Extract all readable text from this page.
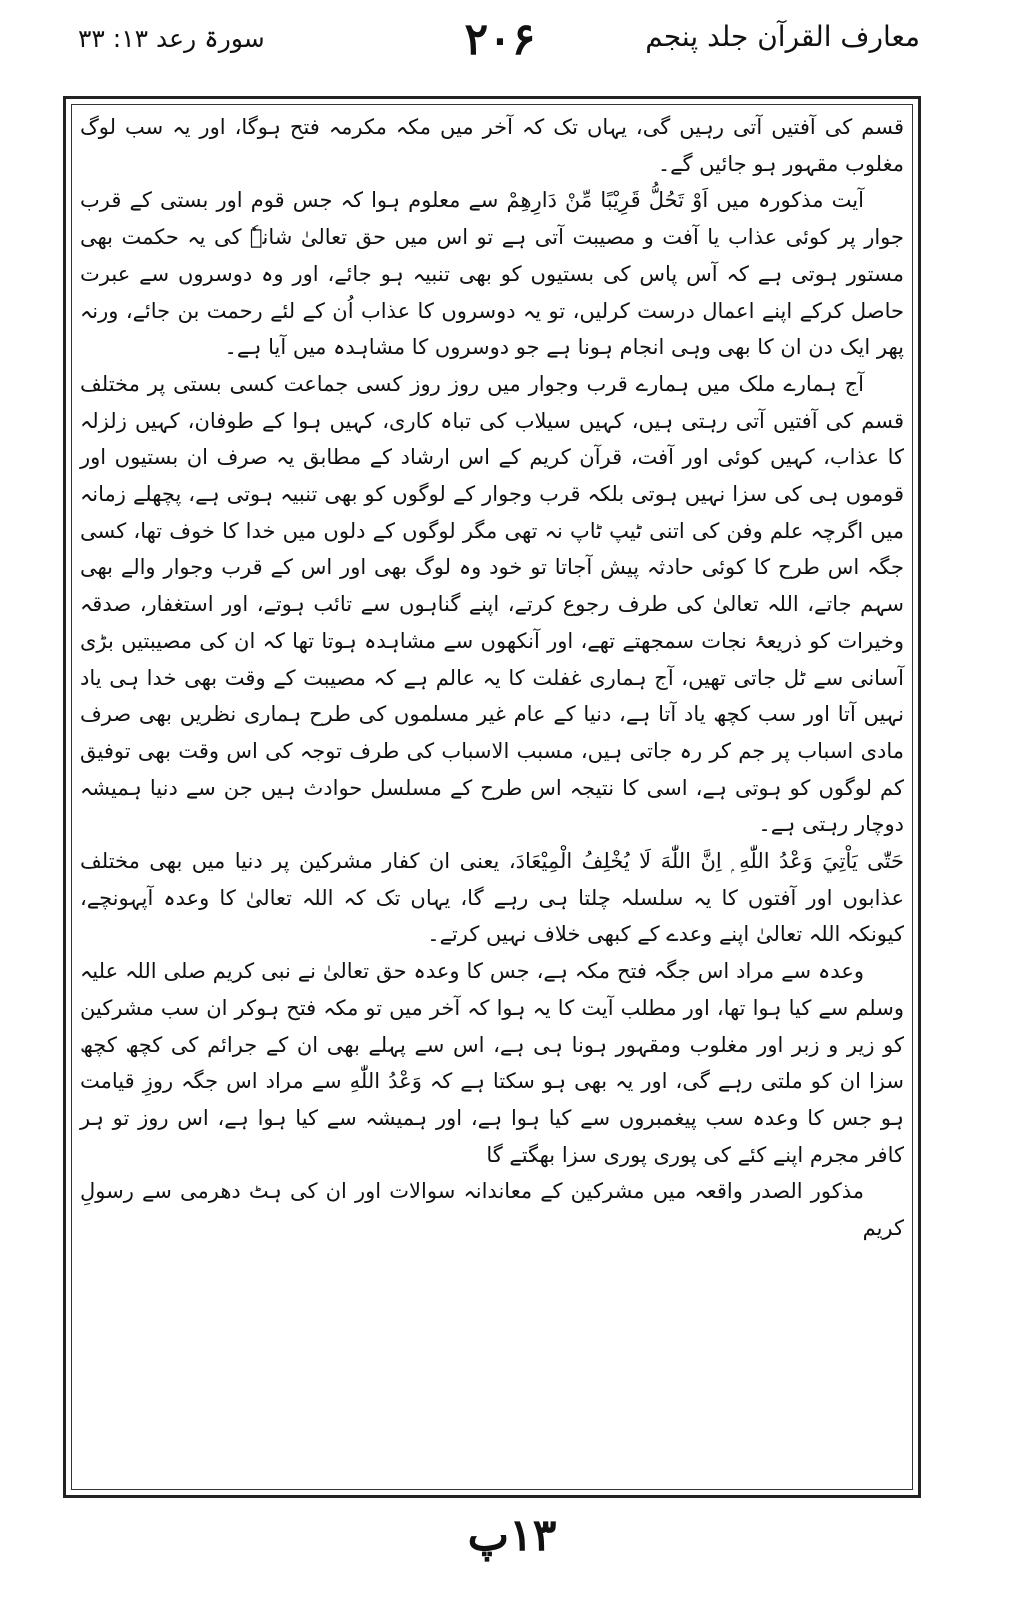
معارف القرآن جلد پنجم
۲۰۶
سورۃ رعد ۱۳: ۳۳

قسم کی آفتیں آتی رہیں گی، یہاں تک کہ آخر میں مکہ مکرمہ فتح ہوگا، اور یہ سب لوگ مغلوب مقہور ہو جائیں گے۔

آیت مذکورہ میں اَوْ تَحُلُّ قَرِيْبًا مِّنْ دَارِهِمْ سے معلوم ہوا کہ جس قوم اور بستی کے قرب جوار پر کوئی عذاب یا آفت و مصیبت آتی ہے تو اس میں حق تعالیٰ شانہٗ کی یہ حکمت بھی مستور ہوتی ہے کہ آس پاس کی بستیوں کو بھی تنبیہ ہو جائے، اور وہ دوسروں سے عبرت حاصل کرکے اپنے اعمال درست کرلیں، تو یہ دوسروں کا عذاب اُن کے لئے رحمت بن جائے، ورنہ پھر ایک دن ان کا بھی وہی انجام ہونا ہے جو دوسروں کا مشاہدہ میں آیا ہے۔

آج ہمارے ملک میں ہمارے قرب وجوار میں روز روز کسی جماعت کسی بستی پر مختلف قسم کی آفتیں آتی رہتی ہیں، کہیں سیلاب کی تباہ کاری، کہیں ہوا کے طوفان، کہیں زلزلہ کا عذاب، کہیں کوئی اور آفت، قرآن کریم کے اس ارشاد کے مطابق یہ صرف ان بستیوں اور قوموں ہی کی سزا نہیں ہوتی بلکہ قرب وجوار کے لوگوں کو بھی تنبیہ ہوتی ہے، پچھلے زمانہ میں اگرچہ علم وفن کی اتنی ٹیپ ٹاپ نہ تھی مگر لوگوں کے دلوں میں خدا کا خوف تھا، کسی جگہ اس طرح کا کوئی حادثہ پیش آجاتا تو خود وہ لوگ بھی اور اس کے قرب وجوار والے بھی سہم جاتے، اللہ تعالیٰ کی طرف رجوع کرتے، اپنے گناہوں سے تائب ہوتے، اور استغفار، صدقہ وخیرات کو ذریعۂ نجات سمجھتے تھے، اور آنکھوں سے مشاہدہ ہوتا تھا کہ ان کی مصیبتیں بڑی آسانی سے ٹل جاتی تھیں، آج ہماری غفلت کا یہ عالم ہے کہ مصیبت کے وقت بھی خدا ہی یاد نہیں آتا اور سب کچھ یاد آتا ہے، دنیا کے عام غیر مسلموں کی طرح ہماری نظریں بھی صرف مادی اسباب پر جم کر رہ جاتی ہیں، مسبب الاسباب کی طرف توجہ کی اس وقت بھی توفیق کم لوگوں کو ہوتی ہے، اسی کا نتیجہ اس طرح کے مسلسل حوادث ہیں جن سے دنیا ہمیشہ دوچار رہتی ہے۔

حَتّٰى يَاْتِيَ وَعْدُ اللّٰهِ ۭ اِنَّ اللّٰهَ لَا يُخْلِفُ الْمِيْعَادَ، یعنی ان کفار مشرکین پر دنیا میں بھی مختلف عذابوں اور آفتوں کا یہ سلسلہ چلتا ہی رہے گا، یہاں تک کہ اللہ تعالیٰ کا وعدہ آپہونچے، کیونکہ اللہ تعالیٰ اپنے وعدے کے کبھی خلاف نہیں کرتے۔

وعدہ سے مراد اس جگہ فتح مکہ ہے، جس کا وعدہ حق تعالیٰ نے نبی کریم صلی اللہ علیہ وسلم سے کیا ہوا تھا، اور مطلب آیت کا یہ ہوا کہ آخر میں تو مکہ فتح ہوکر ان سب مشرکین کو زیر و زبر اور مغلوب ومقہور ہونا ہی ہے، اس سے پہلے بھی ان کے جرائم کی کچھ کچھ سزا ان کو ملتی رہے گی، اور یہ بھی ہو سکتا ہے کہ وَعْدُ اللّٰهِ سے مراد اس جگہ روزِ قیامت ہو جس کا وعدہ سب پیغمبروں سے کیا ہوا ہے، اور ہمیشہ سے کیا ہوا ہے، اس روز تو ہر کافر مجرم اپنے کئے کی پوری پوری سزا بھگتے گا

مذکور الصدر واقعہ میں مشرکین کے معاندانہ سوالات اور ان کی ہٹ دھرمی سے رسولِ کریم

۱۳پ
